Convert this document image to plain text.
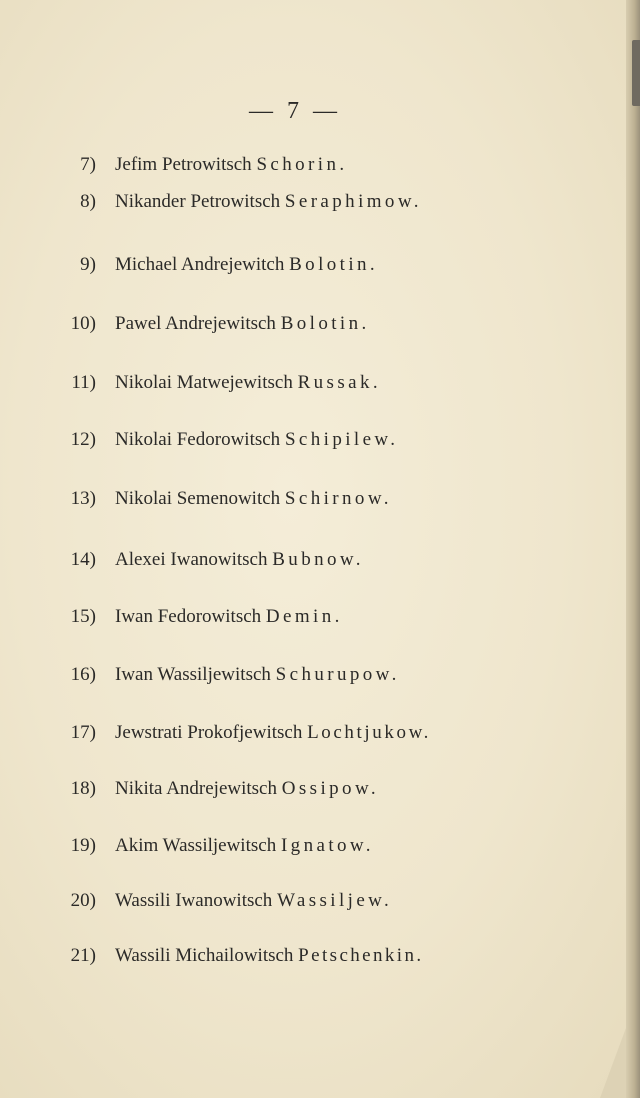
— 7 —
7) Jefim Petrowitsch Schorin.
8) Nikander Petrowitsch Seraphimow.
9) Michael Andrejewitch Bolotin.
10) Pawel Andrejewitsch Bolotin.
11) Nikolai Matwejewitsch Russak.
12) Nikolai Fedorowitsch Schipilew.
13) Nikolai Semenowitch Schirnow.
14) Alexei Iwanowitsch Bubnow.
15) Iwan Fedorowitsch Demin.
16) Iwan Wassiljewitsch Schurupow.
17) Jewstrati Prokofjewitsch Lochtjukow.
18) Nikita Andrejewitsch Ossipow.
19) Akim Wassiljewitsch Ignatow.
20) Wassili Iwanowitsch Wassiljew.
21) Wassili Michailowitsch Petschenkin.
